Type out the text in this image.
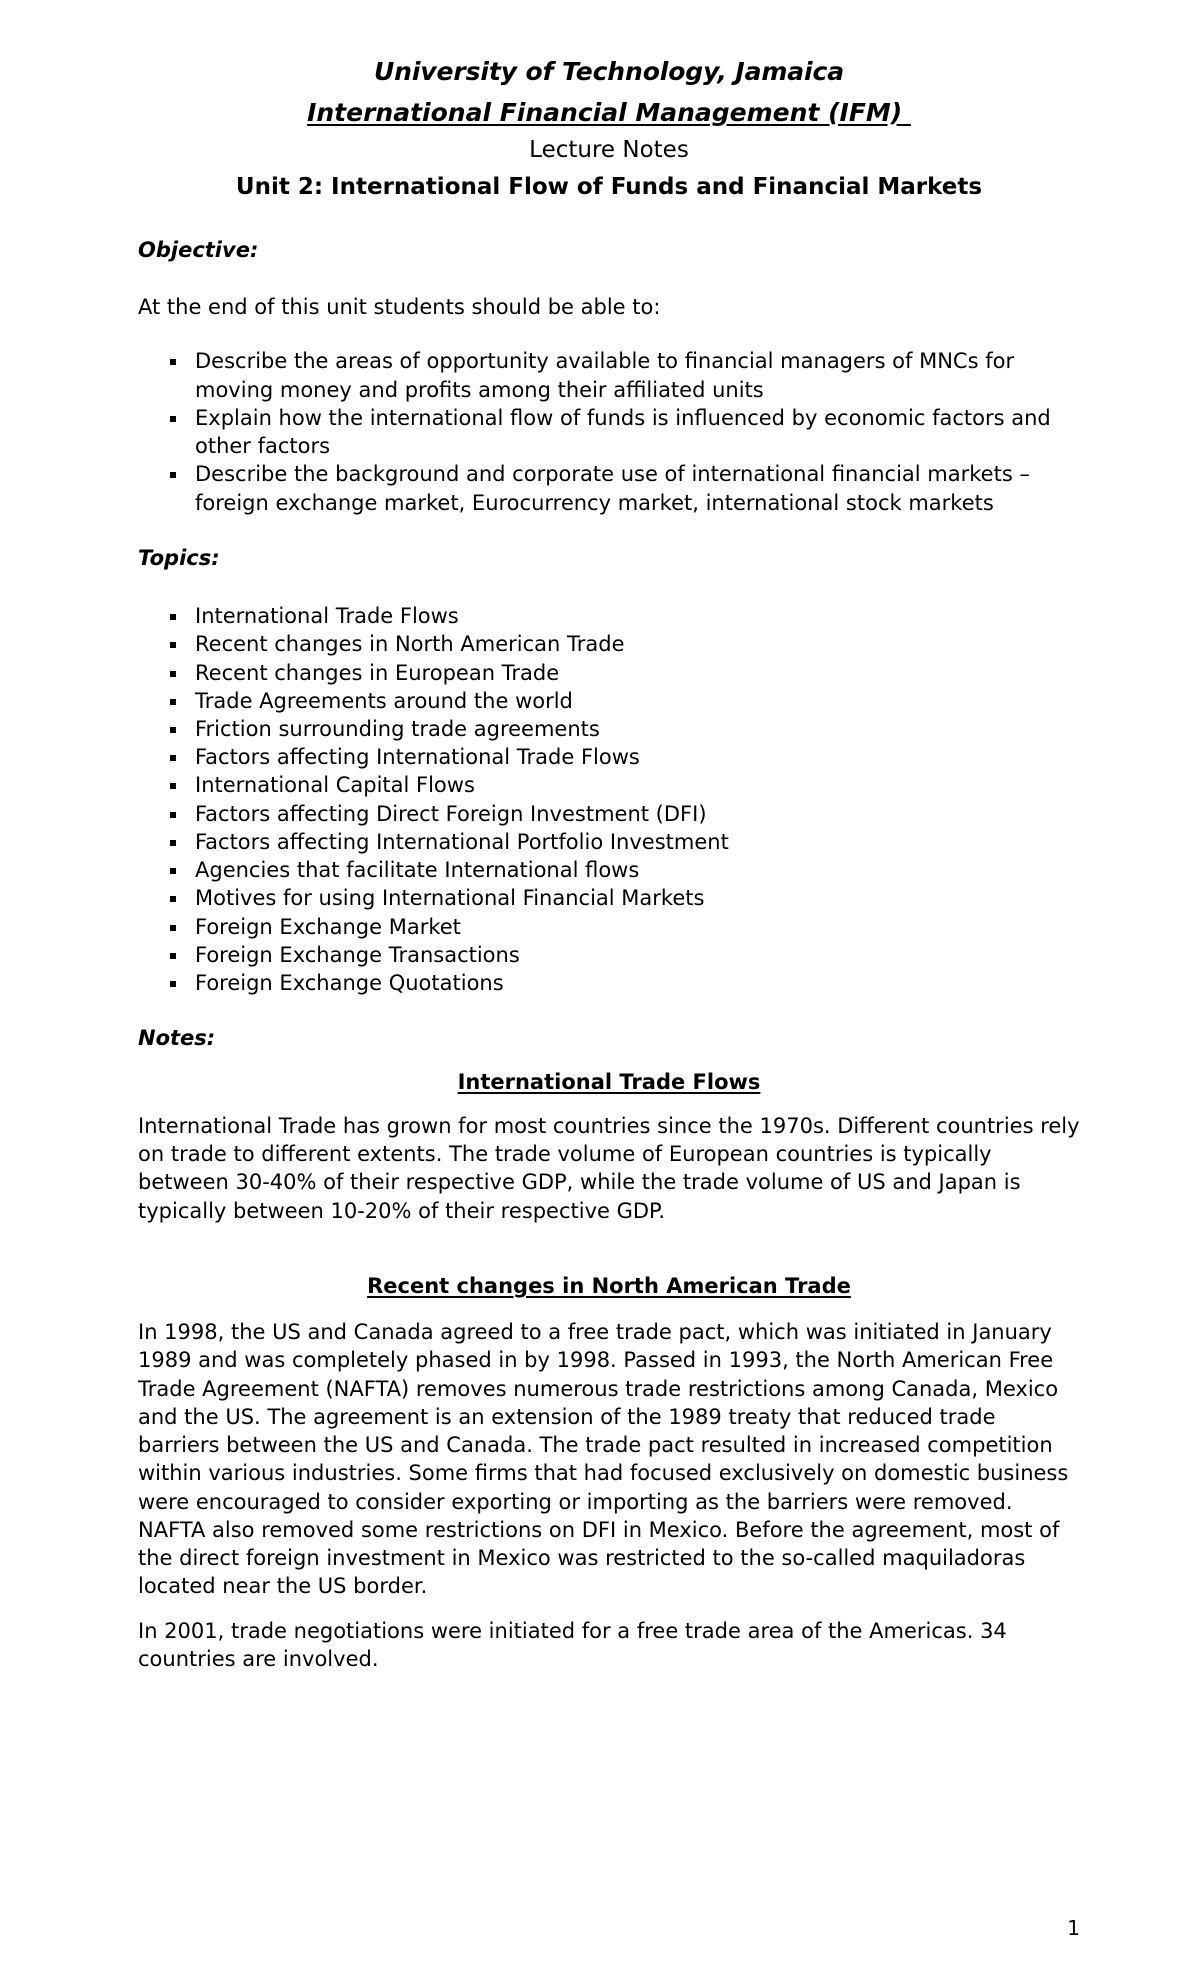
University of Technology, Jamaica
International Financial Management (IFM)
Lecture Notes
Unit 2: International Flow of Funds and Financial Markets
Objective:
At the end of this unit students should be able to:
Describe the areas of opportunity available to financial managers of MNCs for moving money and profits among their affiliated units
Explain how the international flow of funds is influenced by economic factors and other factors
Describe the background and corporate use of international financial markets – foreign exchange market, Eurocurrency market, international stock markets
Topics:
International Trade Flows
Recent changes in North American Trade
Recent changes in European Trade
Trade Agreements around the world
Friction surrounding trade agreements
Factors affecting International Trade Flows
International Capital Flows
Factors affecting Direct Foreign Investment (DFI)
Factors affecting International Portfolio Investment
Agencies that facilitate International flows
Motives for using International Financial Markets
Foreign Exchange Market
Foreign Exchange Transactions
Foreign Exchange Quotations
Notes:
International Trade Flows

International Trade has grown for most countries since the 1970s. Different countries rely on trade to different extents. The trade volume of European countries is typically between 30-40% of their respective GDP, while the trade volume of US and Japan is typically between 10-20% of their respective GDP.

Recent changes in North American Trade

In 1998, the US and Canada agreed to a free trade pact, which was initiated in January 1989 and was completely phased in by 1998. Passed in 1993, the North American Free Trade Agreement (NAFTA) removes numerous trade restrictions among Canada, Mexico and the US. The agreement is an extension of the 1989 treaty that reduced trade barriers between the US and Canada. The trade pact resulted in increased competition within various industries. Some firms that had focused exclusively on domestic business were encouraged to consider exporting or importing as the barriers were removed. NAFTA also removed some restrictions on DFI in Mexico. Before the agreement, most of the direct foreign investment in Mexico was restricted to the so-called maquiladoras located near the US border.

In 2001, trade negotiations were initiated for a free trade area of the Americas. 34 countries are involved.

1
